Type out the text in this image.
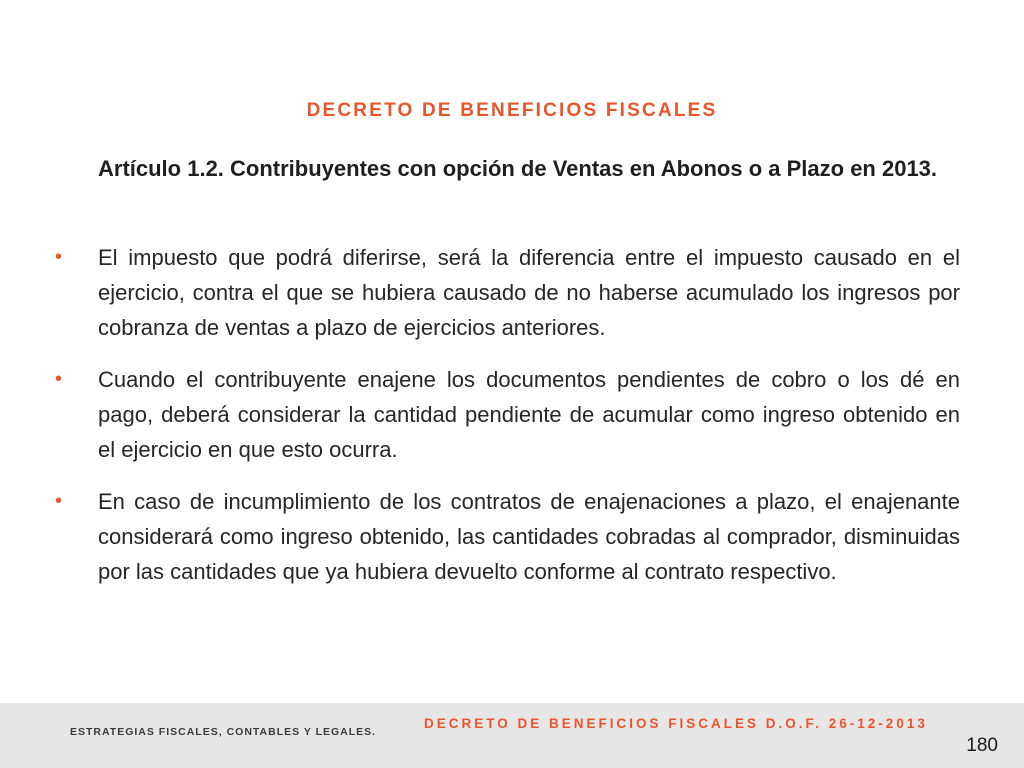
DECRETO DE BENEFICIOS FISCALES
Artículo 1.2. Contribuyentes con opción de Ventas en Abonos o a Plazo en 2013.
• El impuesto que podrá diferirse, será la diferencia entre el impuesto causado en el ejercicio, contra el que se hubiera causado de no haberse acumulado los ingresos por cobranza de ventas a plazo de ejercicios anteriores.
• Cuando el contribuyente enajene los documentos pendientes de cobro o los dé en pago, deberá considerar la cantidad pendiente de acumular como ingreso obtenido en el ejercicio en que esto ocurra.
• En caso de incumplimiento de los contratos de enajenaciones a plazo, el enajenante considerará como ingreso obtenido, las cantidades cobradas al comprador, disminuidas por las cantidades que ya hubiera devuelto conforme al contrato respectivo.
ESTRATEGIAS FISCALES, CONTABLES Y LEGALES.
DECRETO DE BENEFICIOS FISCALES D.O.F. 26-12-2013
180
